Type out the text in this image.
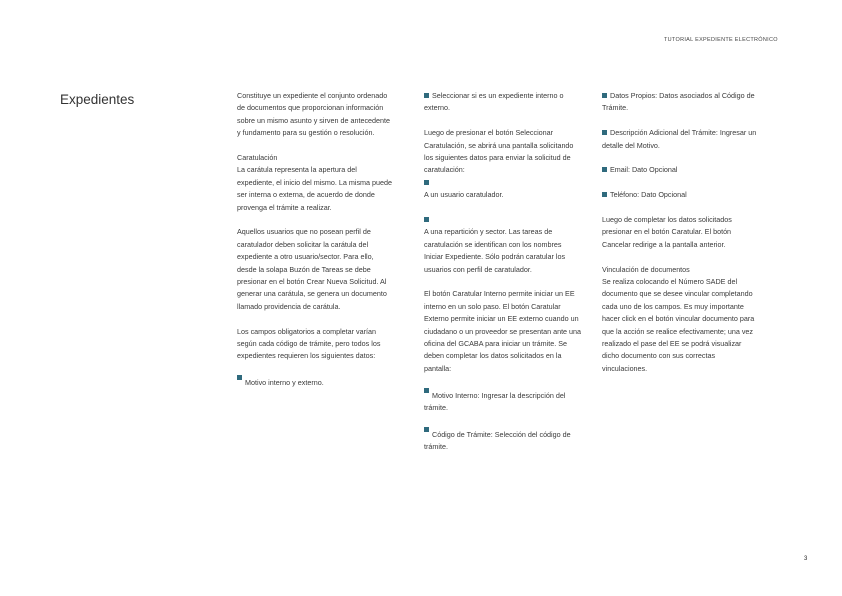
TUTORIAL EXPEDIENTE ELECTRÓNICO
Expedientes	Constituye un expediente el conjunto ordenado de documentos que proporcionan información sobre un mismo asunto y sirven de antecedente y fundamento para su gestión o resolución.

Caratulación

La carátula representa la apertura del expediente, el inicio del mismo. La misma puede ser interna o externa, de acuerdo de donde provenga el trámite a realizar.

Aquellos usuarios que no posean perfil de caratulador deben solicitar la carátula del expediente a otro usuario/sector. Para ello, desde la solapa Buzón de Tareas se debe presionar en el botón Crear Nueva Solicitud. Al generar una carátula, se genera un documento llamado providencia de carátula.

Los campos obligatorios a completar varían según cada código de trámite, pero todos los expedientes requieren los siguientes datos:

Motivo interno y externo.

Seleccionar si es un expediente interno o externo.

Luego de presionar el botón Seleccionar Caratulación, se abrirá una pantalla solicitando los siguientes datos para enviar la solicitud de caratulación:

A un usuario caratulador.

A una repartición y sector. Las tareas de caratulación se identifican con los nombres Iniciar Expediente. Sólo podrán caratular los usuarios con perfil de caratulador.

El botón Caratular Interno permite iniciar un EE interno en un solo paso. El botón Caratular Externo permite iniciar un EE externo cuando un ciudadano o un proveedor se presentan ante una oficina del GCABA para iniciar un trámite. Se deben completar los datos solicitados en la pantalla:

Motivo Interno: Ingresar la descripción del trámite.

Código de Trámite: Selección del código de trámite.

Datos Propios: Datos asociados al Código de Trámite.

Descripción Adicional del Trámite: Ingresar un detalle del Motivo.

Email: Dato Opcional

Teléfono: Dato Opcional

Luego de completar los datos solicitados presionar en el botón Caratular. El botón Cancelar redirige a la pantalla anterior.

Vinculación de documentos

Se realiza colocando el Número SADE del documento que se desee vincular completando cada uno de los campos. Es muy importante hacer click en el botón vincular documento para que la acción se realice efectivamente; una vez realizado el pase del EE se podrá visualizar dicho documento con sus correctas vinculaciones.

3
